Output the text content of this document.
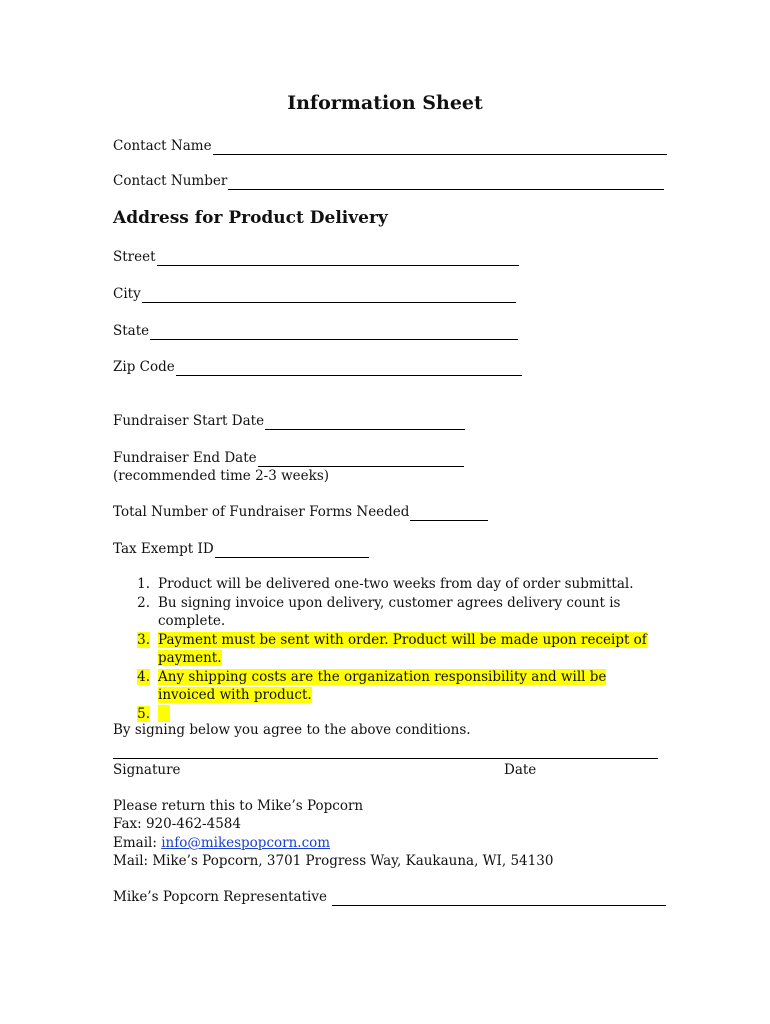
Information Sheet
Contact Name
Contact Number
Address for Product Delivery
Street
City
State
Zip Code
Fundraiser Start Date
Fundraiser End Date
(recommended time 2-3 weeks)
Total Number of Fundraiser Forms Needed
Tax Exempt ID
1. Product will be delivered one-two weeks from day of order submittal.
2. Bu signing invoice upon delivery, customer agrees delivery count is complete.
3. Payment must be sent with order. Product will be made upon receipt of payment.
4. Any shipping costs are the organization responsibility and will be invoiced with product.
5.
By signing below you agree to the above conditions.
Signature	Date
Please return this to Mike’s Popcorn
Fax: 920-462-4584
Email: info@mikespopcorn.com
Mail: Mike’s Popcorn, 3701 Progress Way, Kaukauna, WI, 54130
Mike’s Popcorn Representative
